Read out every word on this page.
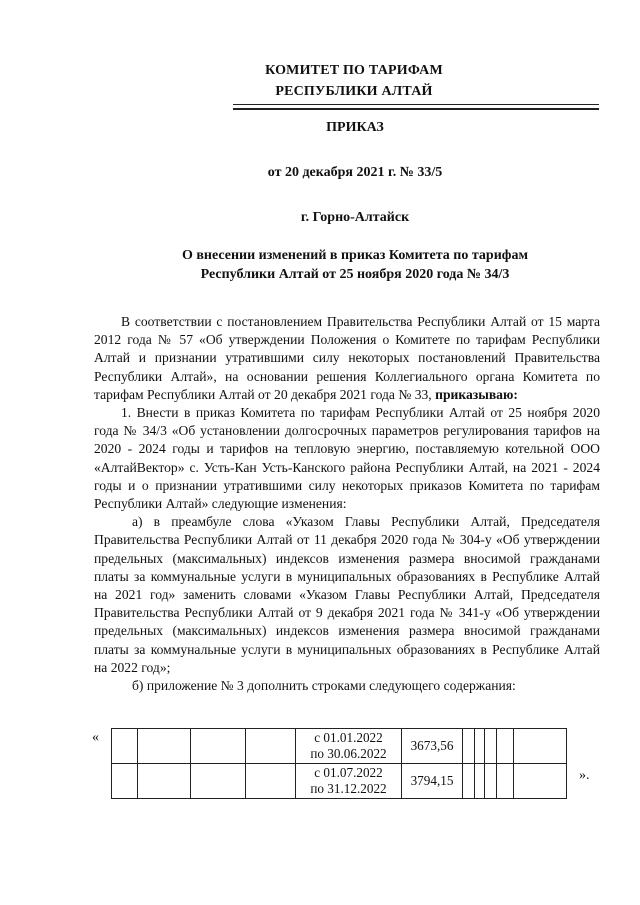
КОМИТЕТ ПО ТАРИФАМ
РЕСПУБЛИКИ АЛТАЙ
ПРИКАЗ
от 20 декабря 2021 г. № 33/5
г. Горно-Алтайск
О внесении изменений в приказ Комитета по тарифам
Республики Алтай от 25 ноября 2020 года № 34/3

В соответствии с постановлением Правительства Республики Алтай от 15 марта 2012 года № 57 «Об утверждении Положения о Комитете по тарифам Республики Алтай и признании утратившими силу некоторых постановлений Правительства Республики Алтай», на основании решения Коллегиального органа Комитета по тарифам Республики Алтай от 20 декабря 2021 года № 33, приказываю:

1. Внести в приказ Комитета по тарифам Республики Алтай от 25 ноября 2020 года № 34/3 «Об установлении долгосрочных параметров регулирования тарифов на 2020 - 2024 годы и тарифов на тепловую энергию, поставляемую котельной ООО «АлтайВектор» с. Усть-Кан Усть-Канского района Республики Алтай, на 2021 - 2024 годы и о признании утратившими силу некоторых приказов Комитета по тарифам Республики Алтай» следующие изменения:

а) в преамбуле слова «Указом Главы Республики Алтай, Председателя Правительства Республики Алтай от 11 декабря 2020 года № 304-у «Об утверждении предельных (максимальных) индексов изменения размера вносимой гражданами платы за коммунальные услуги в муниципальных образованиях в Республике Алтай на 2021 год» заменить словами «Указом Главы Республики Алтай, Председателя Правительства Республики Алтай от 9 декабря 2021 года № 341-у «Об утверждении предельных (максимальных) индексов изменения размера вносимой гражданами платы за коммунальные услуги в муниципальных образованиях в Республике Алтай на 2022 год»;

б) приложение № 3 дополнить строками следующего содержания:

«

				с 01.01.2022
по 30.06.2022	3673,56					

				с 01.07.2022
по 31.12.2022	3794,15						».
